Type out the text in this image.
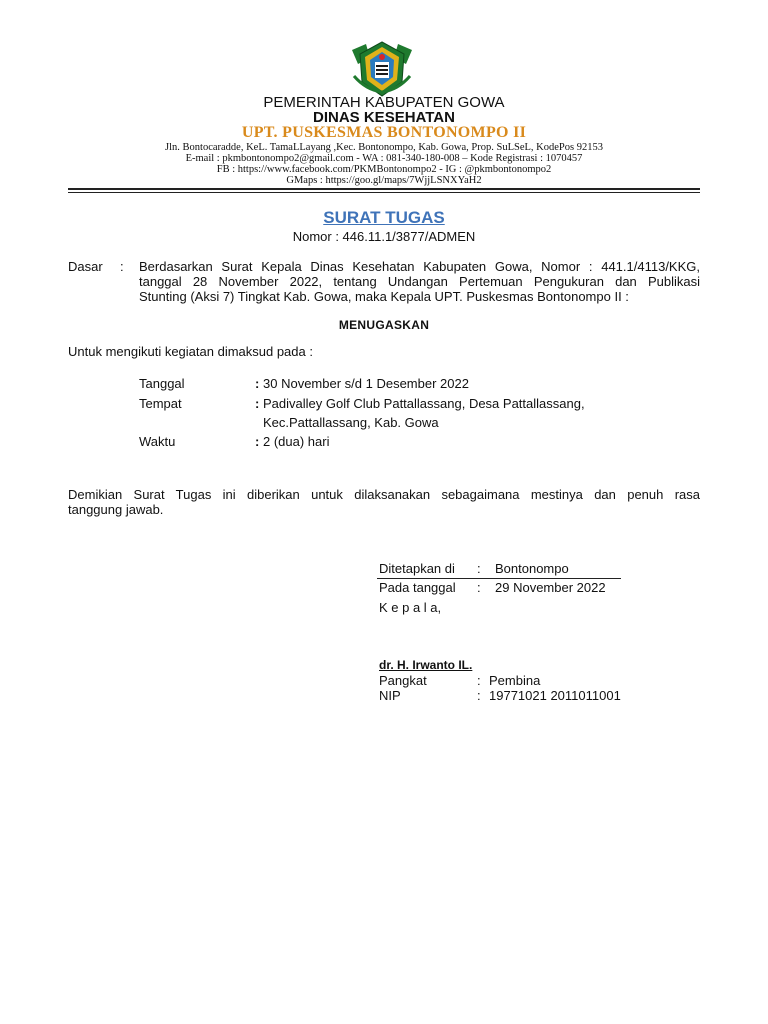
PEMERINTAH KABUPATEN GOWA
DINAS KESEHATAN
UPT. PUSKESMAS BONTONOMPO II
Jln. Bontocaradde, KeL. TamaLLayang ,Kec. Bontonompo, Kab. Gowa, Prop. SuLSeL, KodePos 92153
E-mail : pkmbontonompo2@gmail.com - WA : 081-340-180-008 – Kode Registrasi : 1070457
FB : https://www.facebook.com/PKMBontonompo2 - IG : @pkmbontonompo2
GMaps : https://goo.gl/maps/7WjjLSNXYaH2
SURAT TUGAS
Nomor : 446.11.1/3877/ADMEN
Dasar : Berdasarkan Surat Kepala Dinas Kesehatan Kabupaten Gowa, Nomor : 441.1/4113/KKG,
tanggal 28 November 2022, tentang Undangan Pertemuan Pengukuran dan Publikasi
Stunting (Aksi 7) Tingkat Kab. Gowa, maka Kepala UPT. Puskesmas Bontonompo II :
MENUGASKAN
Untuk mengikuti kegiatan dimaksud pada :
Tanggal	: 30 November s/d 1 Desember 2022
Tempat	: Padivalley Golf Club Pattallassang, Desa Pattallassang,
Kec.Pattallassang, Kab. Gowa
Waktu	: 2 (dua) hari
Demikian Surat Tugas ini diberikan untuk dilaksanakan sebagaimana mestinya dan penuh rasa
tanggung jawab.
Ditetapkan di : Bontonompo
Pada tanggal : 29 November 2022
K e p a l a,
dr. H. Irwanto IL.
Pangkat	: Pembina
NIP	: 19771021 2011011001
